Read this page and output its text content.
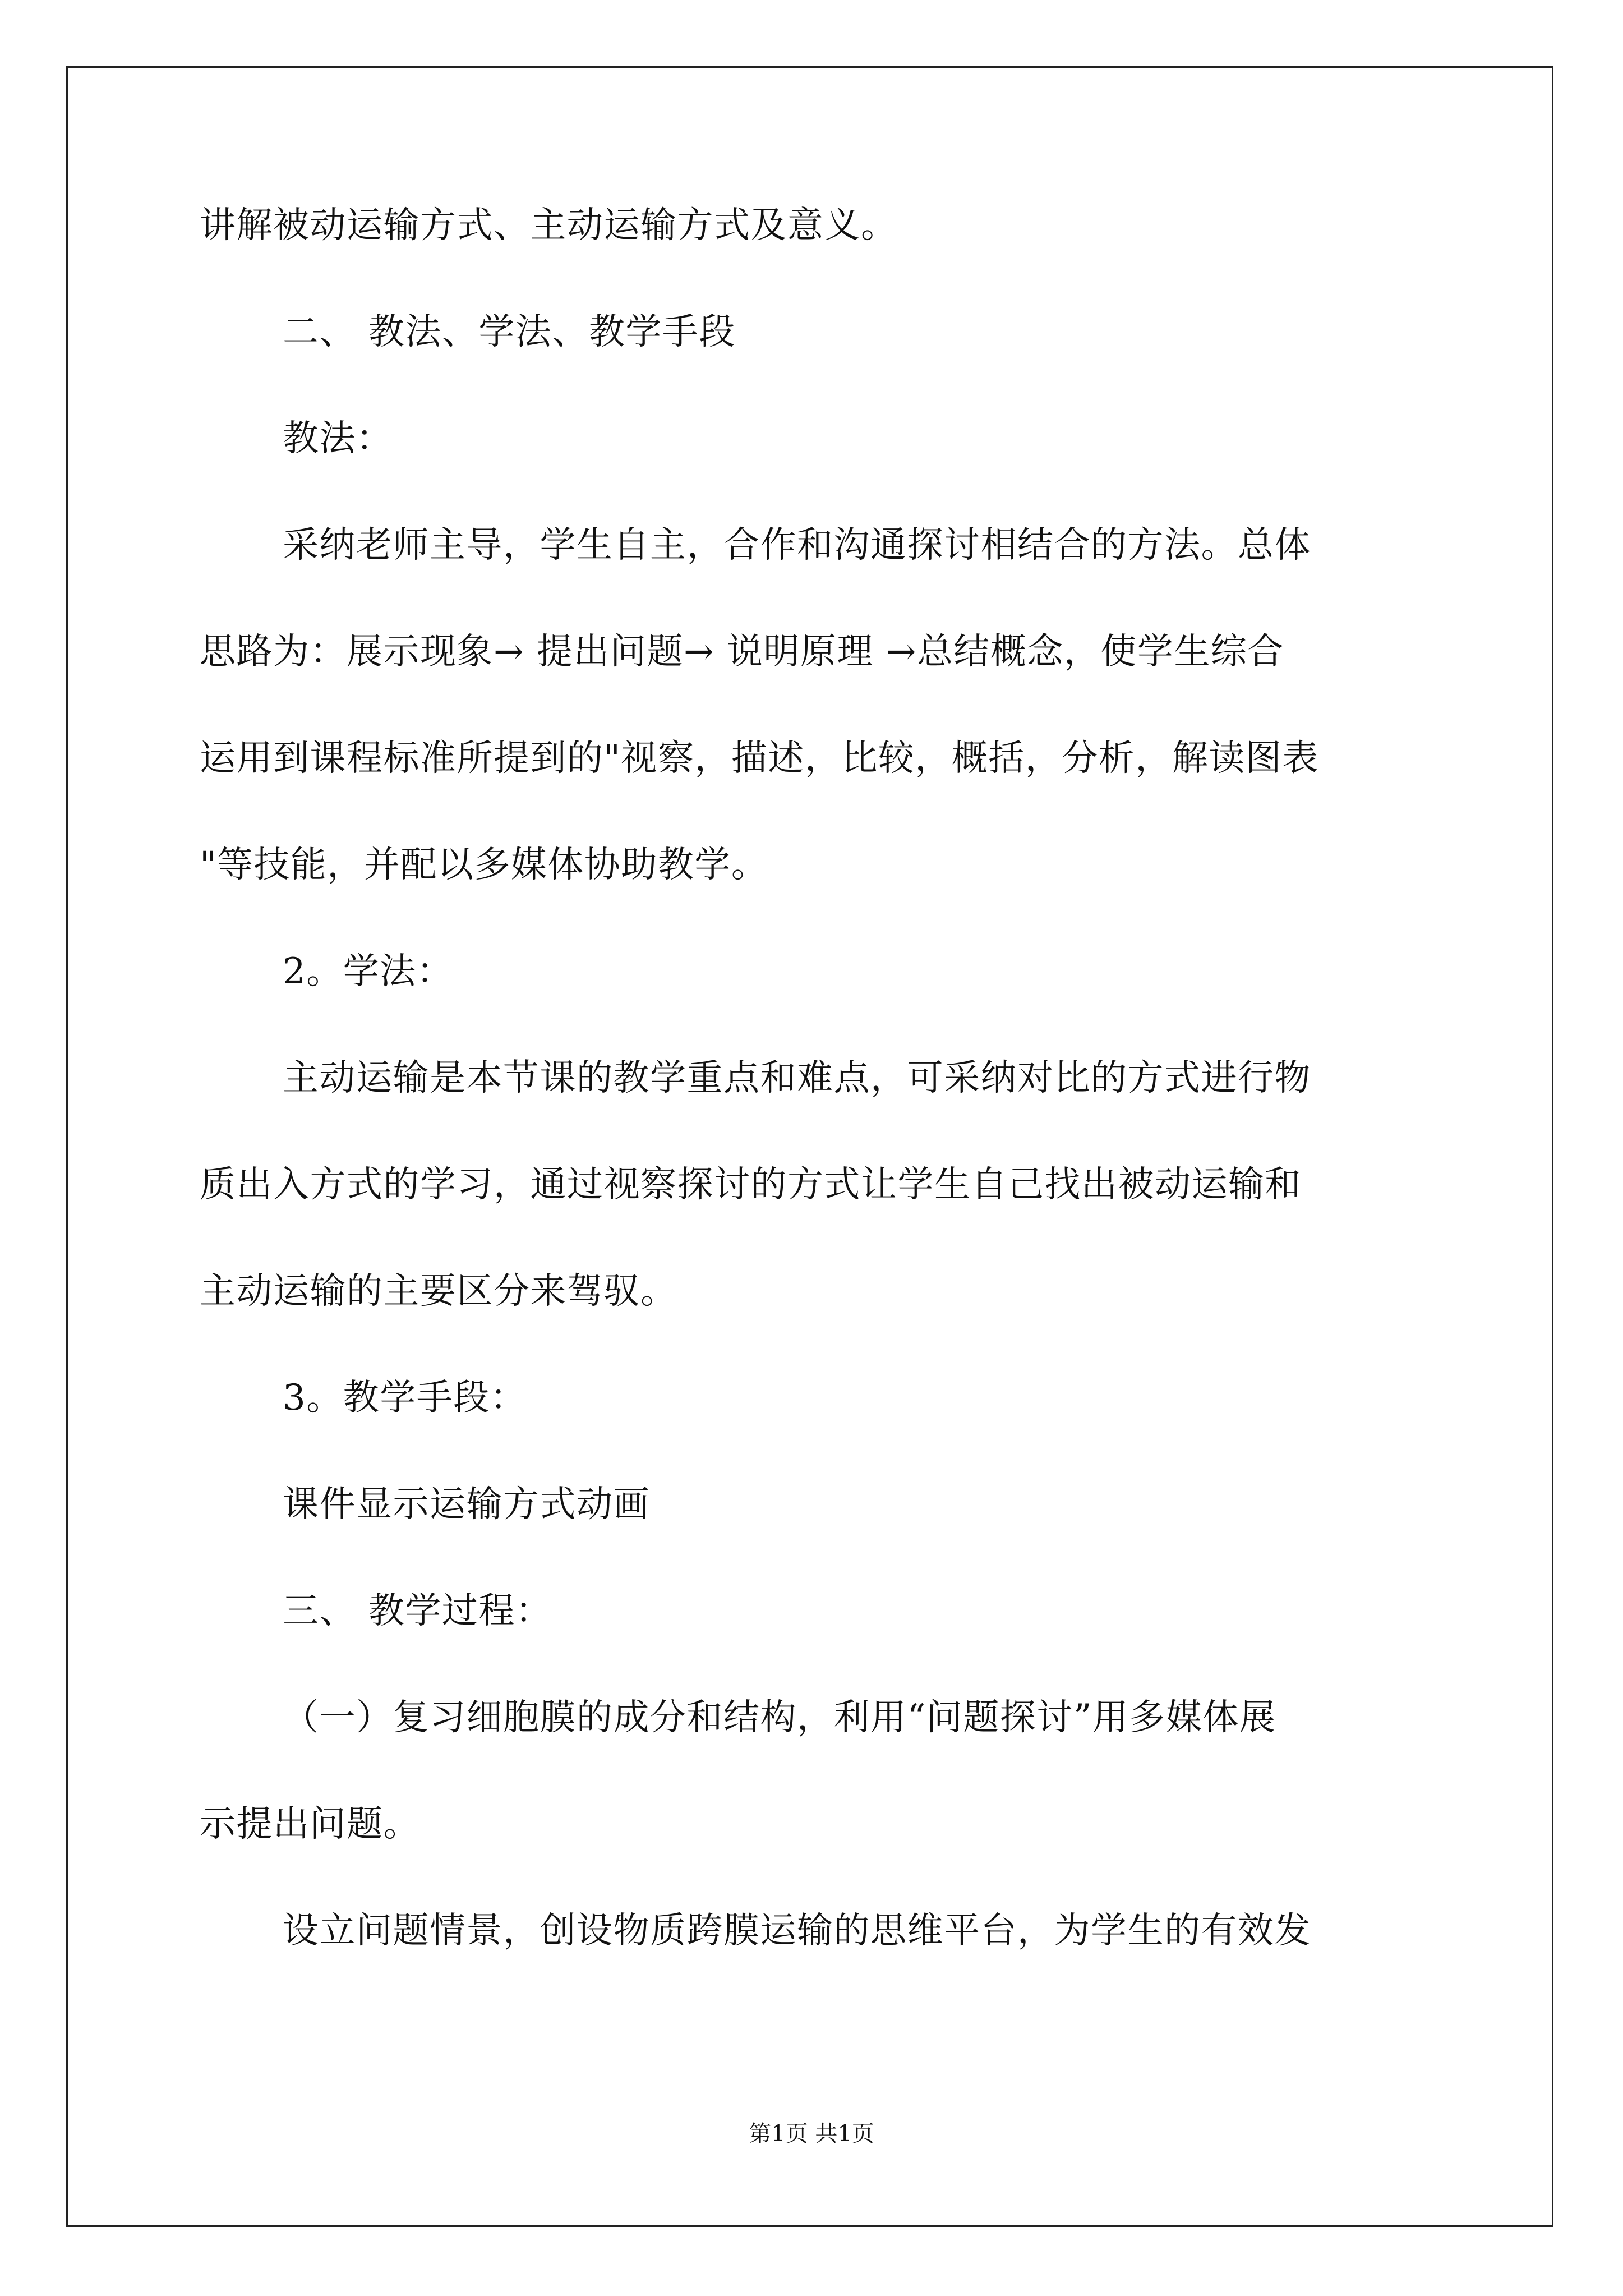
讲解被动运输方式、主动运输方式及意义。
二、 教法、学法、教学手段
教法：
采纳老师主导，学生自主，合作和沟通探讨相结合的方法。总体
思路为：展示现象→ 提出问题→ 说明原理 →总结概念，使学生综合
运用到课程标准所提到的"视察，描述，比较，概括，分析，解读图表
"等技能，并配以多媒体协助教学。
2。学法：
主动运输是本节课的教学重点和难点，可采纳对比的方式进行物
质出入方式的学习，通过视察探讨的方式让学生自己找出被动运输和
主动运输的主要区分来驾驭。
3。教学手段：
课件显示运输方式动画
三、 教学过程：
（一）复习细胞膜的成分和结构，利用“问题探讨”用多媒体展
示提出问题。
设立问题情景，创设物质跨膜运输的思维平台，为学生的有效发
第1页 共1页
